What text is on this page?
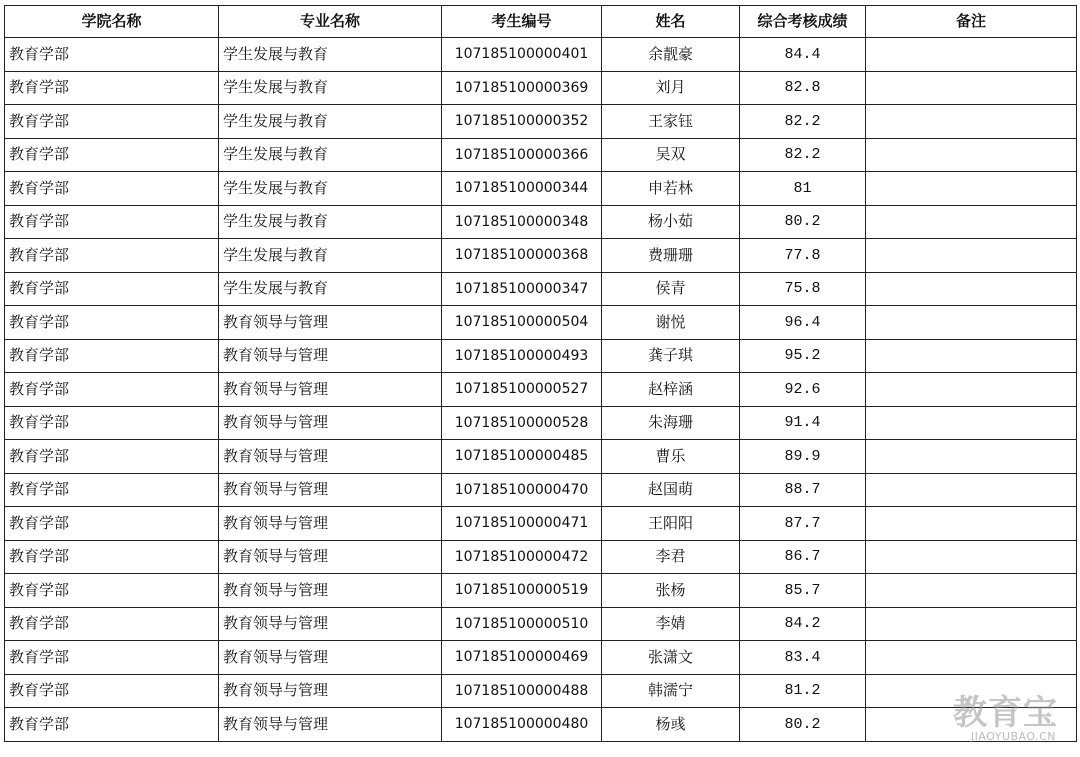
学院名称	专业名称	考生编号	姓名	综合考核成绩	备注
教育学部	学生发展与教育	107185100000401	余靓豪	84.4	
教育学部	学生发展与教育	107185100000369	刘月	82.8	
教育学部	学生发展与教育	107185100000352	王家钰	82.2	
教育学部	学生发展与教育	107185100000366	吴双	82.2	
教育学部	学生发展与教育	107185100000344	申若林	81	
教育学部	学生发展与教育	107185100000348	杨小茹	80.2	
教育学部	学生发展与教育	107185100000368	费珊珊	77.8	
教育学部	学生发展与教育	107185100000347	侯青	75.8	
教育学部	教育领导与管理	107185100000504	谢悦	96.4	
教育学部	教育领导与管理	107185100000493	龚子琪	95.2	
教育学部	教育领导与管理	107185100000527	赵梓涵	92.6	
教育学部	教育领导与管理	107185100000528	朱海珊	91.4	
教育学部	教育领导与管理	107185100000485	曹乐	89.9	
教育学部	教育领导与管理	107185100000470	赵国萌	88.7	
教育学部	教育领导与管理	107185100000471	王阳阳	87.7	
教育学部	教育领导与管理	107185100000472	李君	86.7	
教育学部	教育领导与管理	107185100000519	张杨	85.7	
教育学部	教育领导与管理	107185100000510	李婧	84.2	
教育学部	教育领导与管理	107185100000469	张潇文	83.4	
教育学部	教育领导与管理	107185100000488	韩濡宁	81.2	
教育学部	教育领导与管理	107185100000480	杨彧	80.2		教育宝
JIAOYUBAO.CN
